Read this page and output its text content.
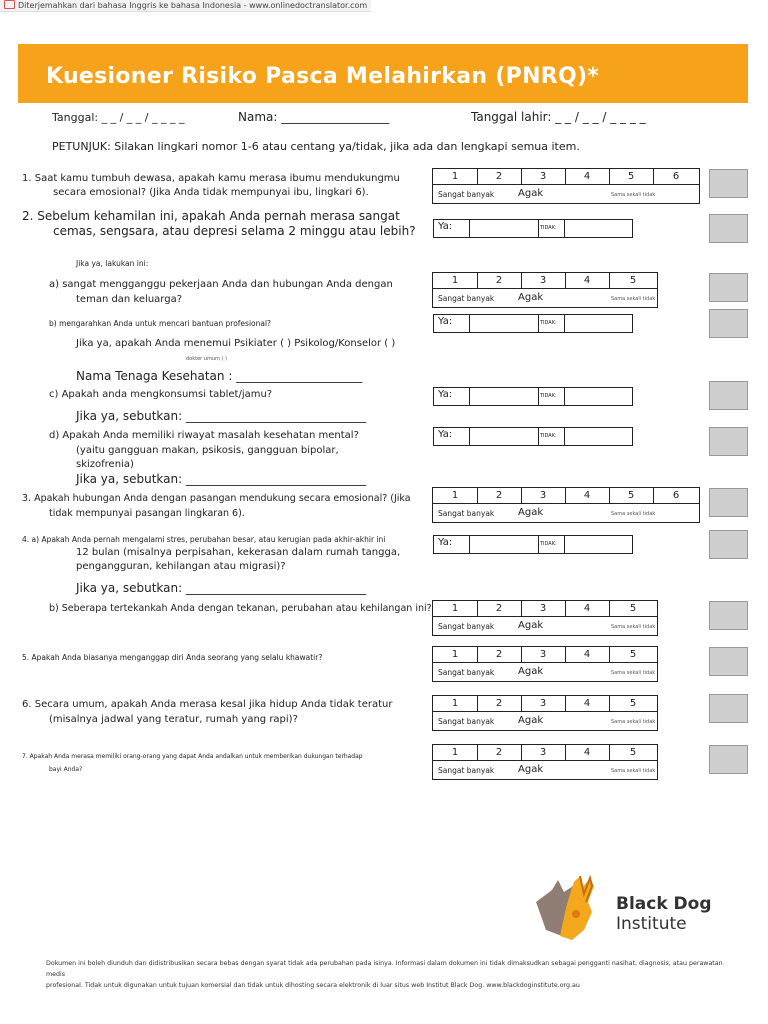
Diterjemahkan dari bahasa Inggris ke bahasa Indonesia - www.onlinedoctranslator.com
Kuesioner Risiko Pasca Melahirkan (PNRQ)*
Tanggal: _ _ / _ _ / _ _ _ _	Nama: __________________	Tanggal lahir: _ _ / _ _ / _ _ _ _
PETUNJUK: Silakan lingkari nomor 1-6 atau centang ya/tidak, jika ada dan lengkapi semua item.
1. Saat kamu tumbuh dewasa, apakah kamu merasa ibumu mendukungmu
secara emosional? (Jika Anda tidak mempunyai ibu, lingkari 6).
1	2	3	4	5	6
Sangat banyak Agak	Sama sekali tidak
2. Sebelum kehamilan ini, apakah Anda pernah merasa sangat
cemas, sengsara, atau depresi selama 2 minggu atau lebih? Ya:	TIDAK:
Jika ya, lakukan ini:
a) sangat mengganggu pekerjaan Anda dan hubungan Anda dengan
teman dan keluarga?
1	2	3	4	5
Sangat banyak Agak	Sama sekali tidak
b) mengarahkan Anda untuk mencari bantuan profesional?	Ya:	TIDAK:
Jika ya, apakah Anda menemui Psikiater ( ) Psikolog/Konselor ( )
dokter umum ( )
Nama Tenaga Kesehatan : _____________________
c) Apakah anda mengkonsumsi tablet/jamu?	Ya:	TIDAK:
Jika ya, sebutkan: ______________________________
d) Apakah Anda memiliki riwayat masalah kesehatan mental?
(yaitu gangguan makan, psikosis, gangguan bipolar,
skizofrenia)
Jika ya, sebutkan: ______________________________
Ya:	TIDAK:
3. Apakah hubungan Anda dengan pasangan mendukung secara emosional? (Jika
tidak mempunyai pasangan lingkaran 6).
1	2	3	4	5	6
Sangat banyak Agak	Sama sekali tidak
4. a) Apakah Anda pernah mengalami stres, perubahan besar, atau kerugian pada akhir-akhir ini
12 bulan (misalnya perpisahan, kekerasan dalam rumah tangga,
pengangguran, kehilangan atau migrasi)?
Ya:	TIDAK:
Jika ya, sebutkan: ______________________________
b) Seberapa tertekankah Anda dengan tekanan, perubahan atau kehilangan ini?	1	2	3	4	5
Sangat banyak Agak	Sama sekali tidak
5. Apakah Anda biasanya menganggap diri Anda seorang yang selalu khawatir?	1	2	3	4	5
Sangat banyak Agak	Sama sekali tidak
6. Secara umum, apakah Anda merasa kesal jika hidup Anda tidak teratur
(misalnya jadwal yang teratur, rumah yang rapi)?
1	2	3	4	5
Sangat banyak Agak	Sama sekali tidak
7. Apakah Anda merasa memiliki orang-orang yang dapat Anda andalkan untuk memberikan dukungan terhadap
bayi Anda?
1	2	3	4	5
Sangat banyak Agak	Sama sekali tidak
Black Dog
Institute
Dokumen ini boleh diunduh dan didistribusikan secara bebas dengan syarat tidak ada perubahan pada isinya. Informasi dalam dokumen ini tidak dimaksudkan sebagai pengganti nasihat, diagnosis, atau perawatan medis
profesional. Tidak untuk digunakan untuk tujuan komersial dan tidak untuk dihosting secara elektronik di luar situs web Institut Black Dog. www.blackdoginstitute.org.au
